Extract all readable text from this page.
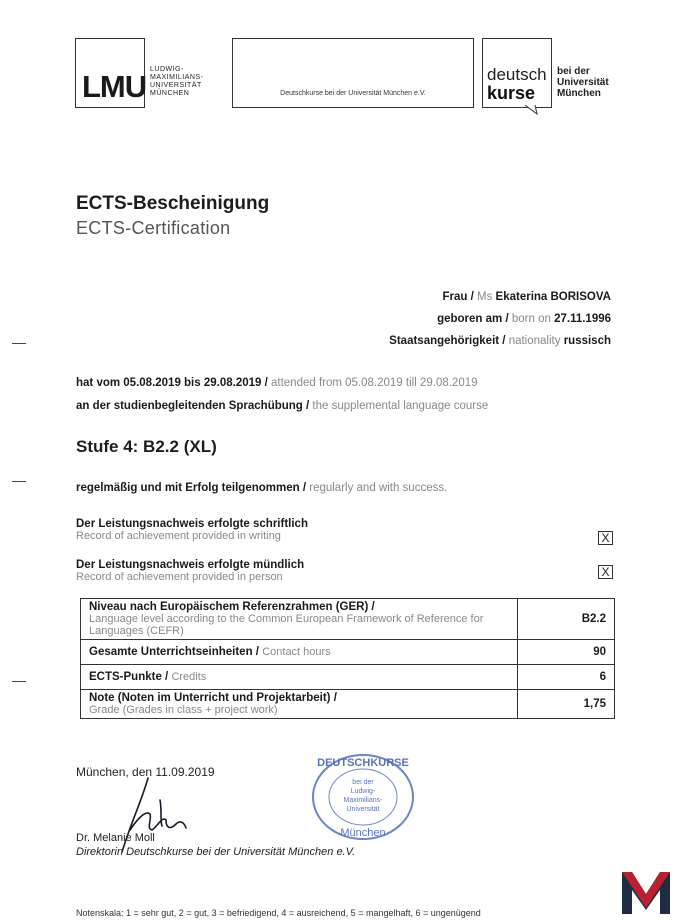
LMU LUDWIG-
MAXIMILIANS-
UNIVERSITÄT
MÜNCHEN	Deutschkurse bei der Universität München e.V.
deutsch
kurse
bei der
Universität
München
ECTS-Bescheinigung
ECTS-Certification
Frau / Ms Ekaterina BORISOVA
geboren am / born on 27.11.1996
Staatsangehörigkeit / nationality russisch
hat vom 05.08.2019 bis 29.08.2019 / attended from 05.08.2019 till 29.08.2019
an der studienbegleitenden Sprachübung / the supplemental language course
Stufe 4: B2.2 (XL)
regelmäßig und mit Erfolg teilgenommen / regularly and with success.
Der Leistungsnachweis erfolgte schriftlich
Record of achievement provided in writing	X
Der Leistungsnachweis erfolgte mündlich
Record of achievement provided in person	X
Niveau nach Europäischem Referenzrahmen (GER) /
Language level according to the Common European Framework of Reference for Languages (CEFR)	B2.2
Gesamte Unterrichtseinheiten / Contact hours	90
ECTS-Punkte / Credits	6

Note (Noten im Unterricht und Projektarbeit) /
Grade (Grades in class + project work)	1,75
München, den 11.09.2019
Dr. Melanie Moll
Direktorin Deutschkurse bei der Universität München e.V.
DEUTSCHKURSE
bei der
Ludwig-
Maximilians-
Universität
München
Notenskala: 1 = sehr gut, 2 = gut, 3 = befriedigend, 4 = ausreichend, 5 = mangelhaft, 6 = ungenügend
